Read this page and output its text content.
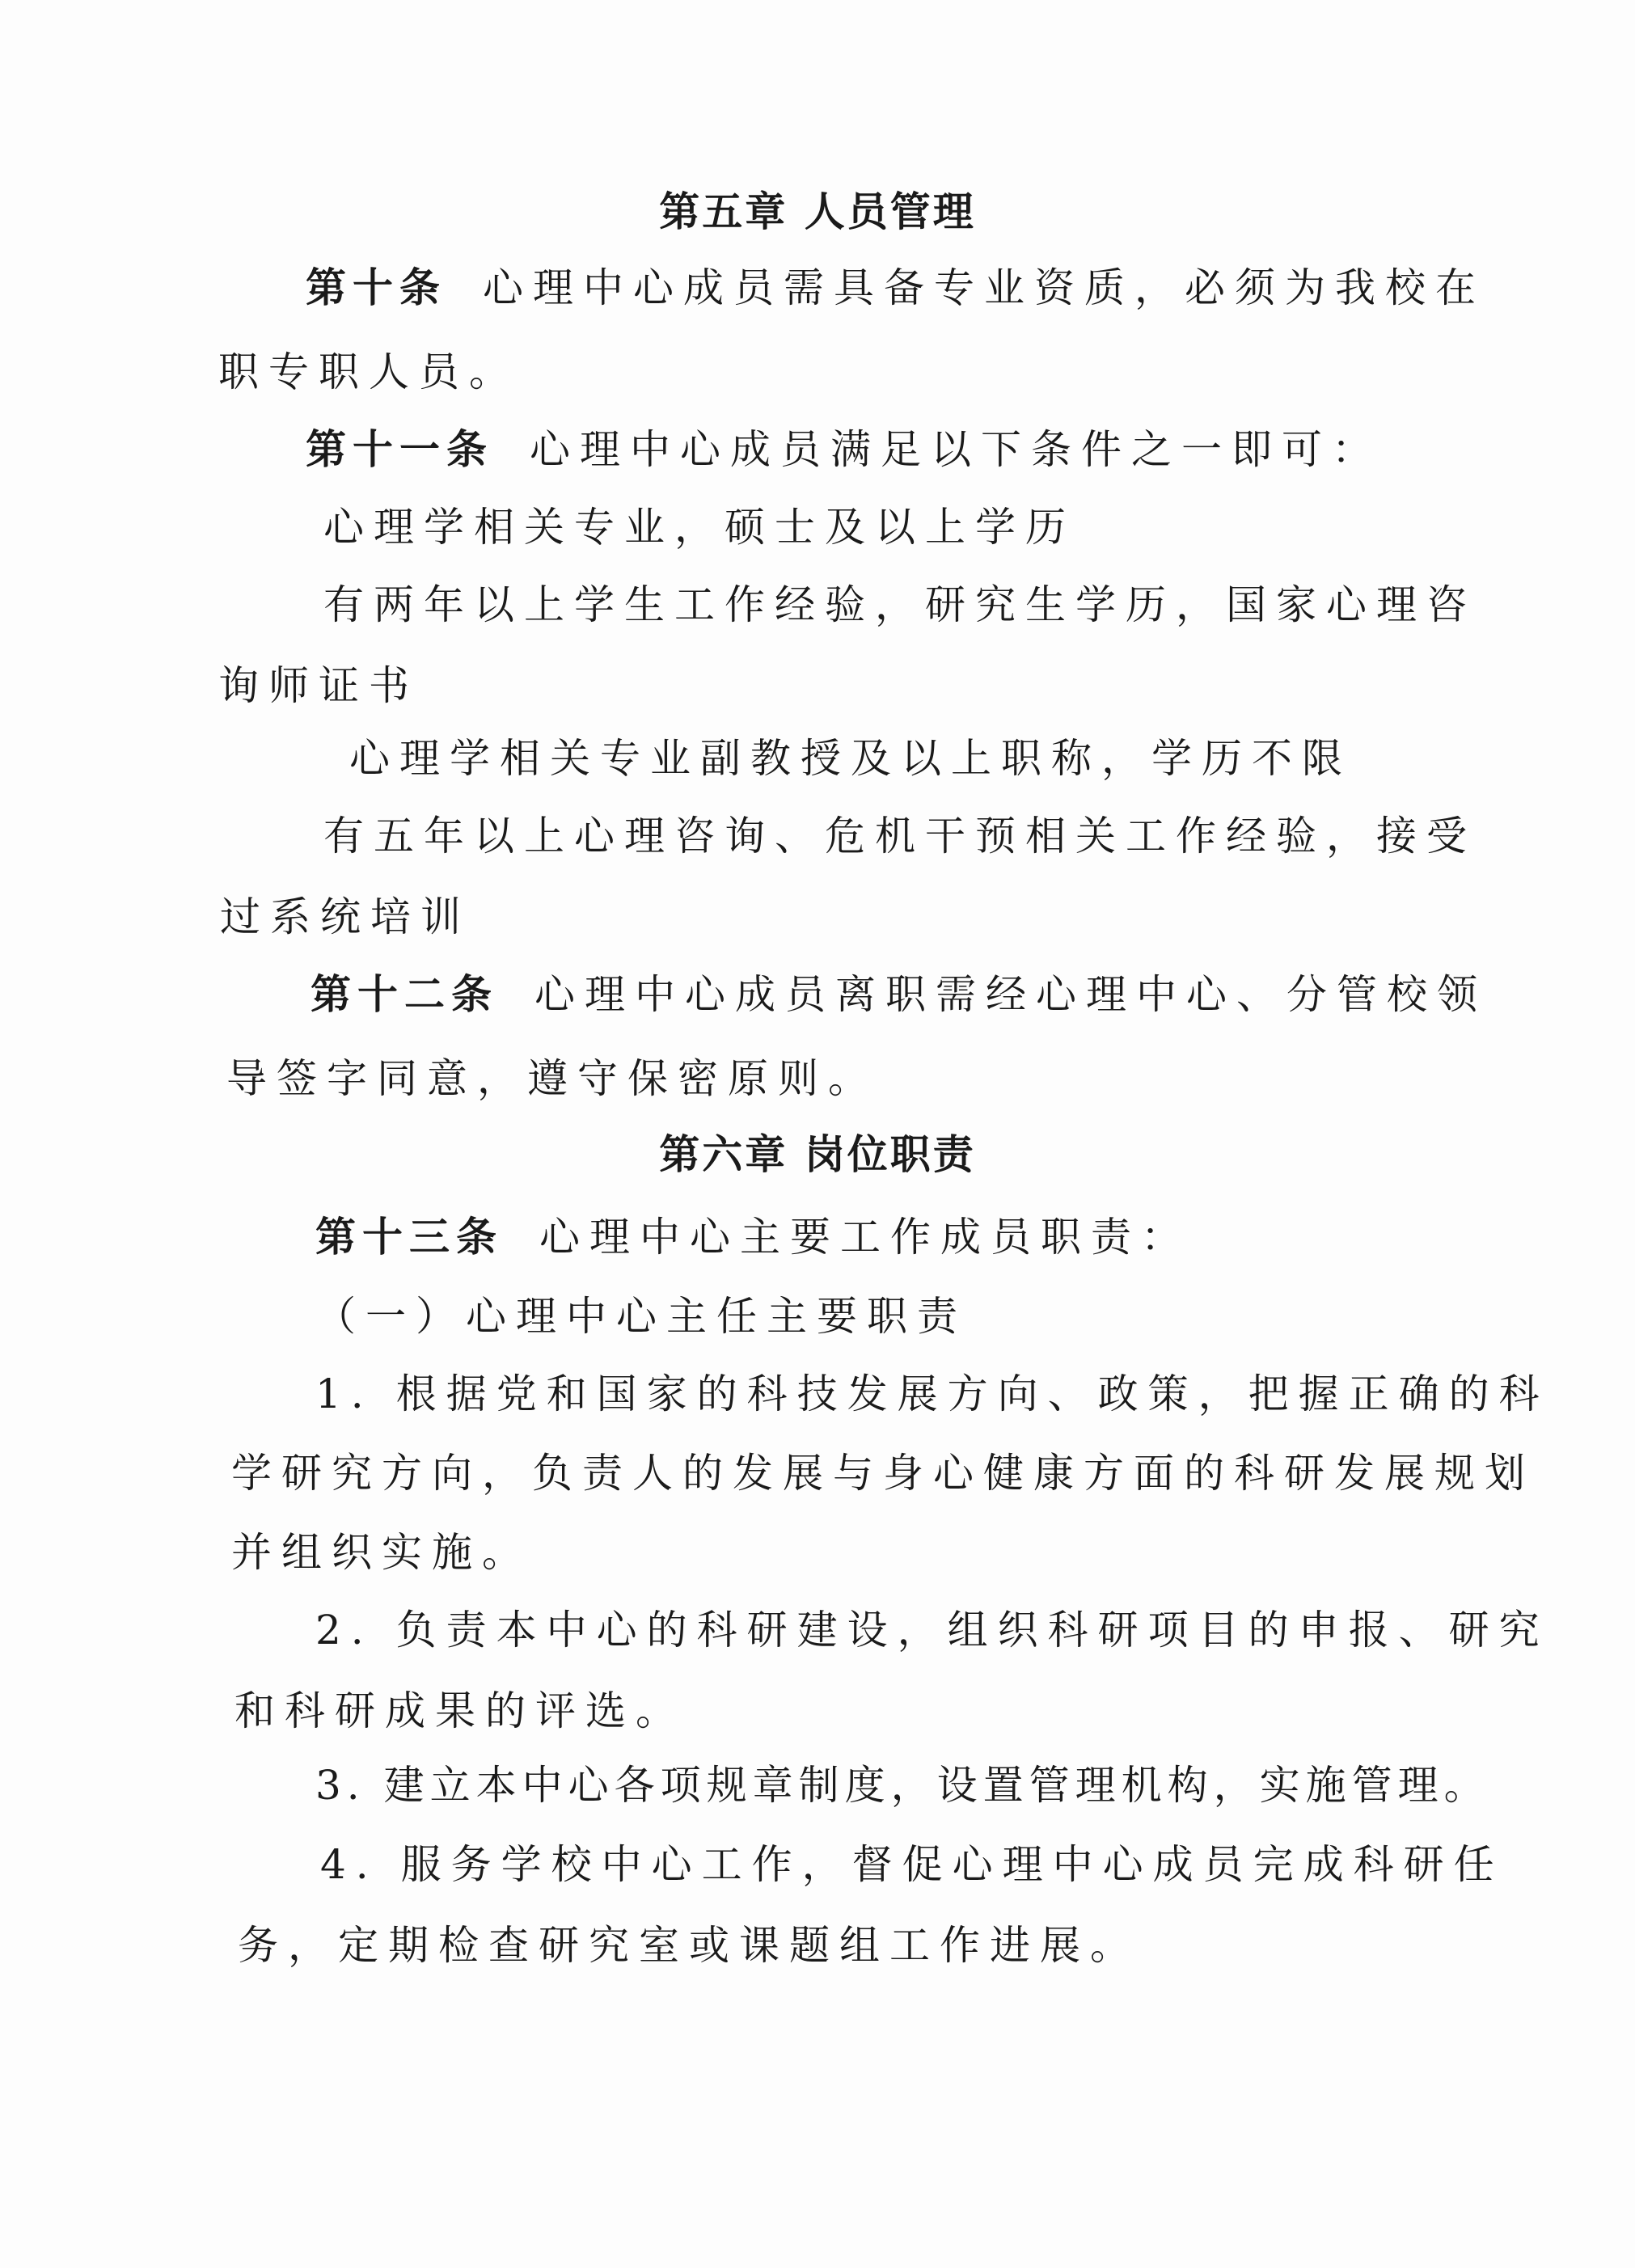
第五章 人员管理
第十条 心理中心成员需具备专业资质，必须为我校在
职专职人员。
第十一条 心理中心成员满足以下条件之一即可：
心理学相关专业，硕士及以上学历
有两年以上学生工作经验，研究生学历，国家心理咨
询师证书
心理学相关专业副教授及以上职称，学历不限
有五年以上心理咨询、危机干预相关工作经验，接受
过系统培训
第十二条 心理中心成员离职需经心理中心、分管校领
导签字同意，遵守保密原则。
第六章 岗位职责
第十三条 心理中心主要工作成员职责：
（一）心理中心主任主要职责
1. 根据党和国家的科技发展方向、政策，把握正确的科
学研究方向，负责人的发展与身心健康方面的科研发展规划
并组织实施。
2. 负责本中心的科研建设，组织科研项目的申报、研究
和科研成果的评选。
3. 建立本中心各项规章制度，设置管理机构，实施管理。
4. 服务学校中心工作，督促心理中心成员完成科研任
务，定期检查研究室或课题组工作进展。
